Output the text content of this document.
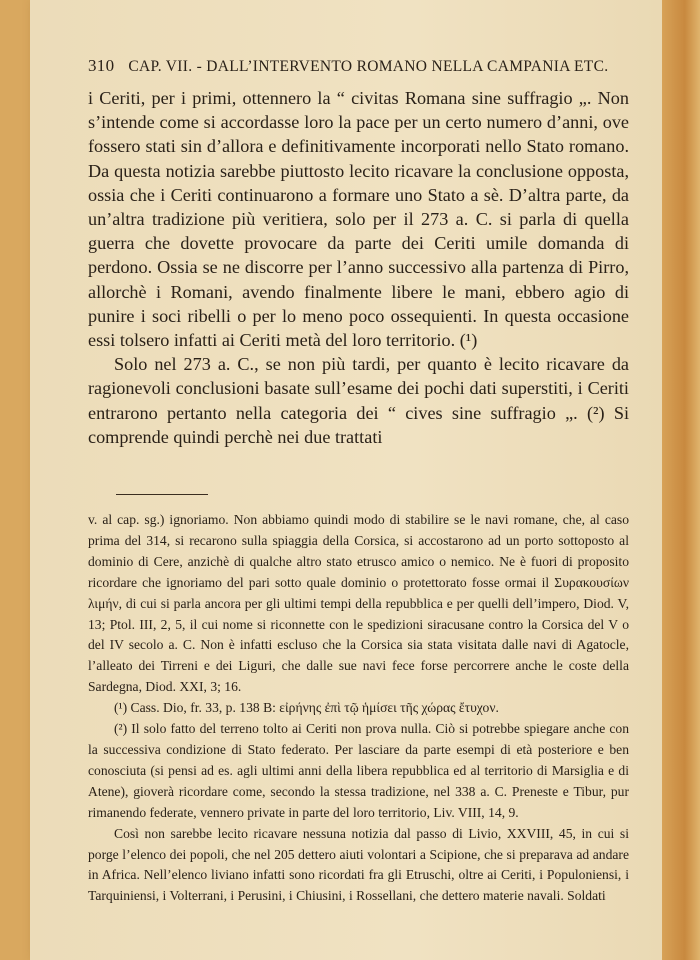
310 CAP. VII. - DALL’INTERVENTO ROMANO NELLA CAMPANIA ETC.

i Ceriti, per i primi, ottennero la “ civitas Romana sine suffragio „. Non s’intende come si accordasse loro la pace per un certo numero d’anni, ove fossero stati sin d’allora e definitivamente incorporati nello Stato romano. Da questa notizia sarebbe piuttosto lecito ricavare la conclusione opposta, ossia che i Ceriti continuarono a formare uno Stato a sè. D’altra parte, da un’altra tradizione più veritiera, solo per il 273 a. C. si parla di quella guerra che dovette provocare da parte dei Ceriti umile domanda di perdono. Ossia se ne discorre per l’anno successivo alla partenza di Pirro, allorchè i Romani, avendo finalmente libere le mani, ebbero agio di punire i soci ribelli o per lo meno poco ossequienti. In questa occasione essi tolsero infatti ai Ceriti metà del loro territorio. (¹)

Solo nel 273 a. C., se non più tardi, per quanto è lecito ricavare da ragionevoli conclusioni basate sull’esame dei pochi dati superstiti, i Ceriti entrarono pertanto nella categoria dei “ cives sine suffragio „. (²) Si comprende quindi perchè nei due trattati

v. al cap. sg.) ignoriamo. Non abbiamo quindi modo di stabilire se le navi romane, che, al caso prima del 314, si recarono sulla spiaggia della Corsica, si accostarono ad un porto sottoposto al dominio di Cere, anzichè di qualche altro stato etrusco amico o nemico. Ne è fuori di proposito ricordare che ignoriamo del pari sotto quale dominio o protettorato fosse ormai il Συρακουσίων λιμήν, di cui si parla ancora per gli ultimi tempi della repubblica e per quelli dell’impero, Diod. V, 13; Ptol. III, 2, 5, il cui nome si riconnette con le spedizioni siracusane contro la Corsica del V o del IV secolo a. C. Non è infatti escluso che la Corsica sia stata visitata dalle navi di Agatocle, l’alleato dei Tirreni e dei Liguri, che dalle sue navi fece forse percorrere anche le coste della Sardegna, Diod. XXI, 3; 16.

(¹) Cass. Dio, fr. 33, p. 138 B: εἰρήνης ἐπὶ τῷ ἡμίσει τῆς χώρας ἔτυχον.

(²) Il solo fatto del terreno tolto ai Ceriti non prova nulla. Ciò si potrebbe spiegare anche con la successiva condizione di Stato federato. Per lasciare da parte esempi di età posteriore e ben conosciuta (si pensi ad es. agli ultimi anni della libera repubblica ed al territorio di Marsiglia e di Atene), gioverà ricordare come, secondo la stessa tradizione, nel 338 a. C. Preneste e Tibur, pur rimanendo federate, vennero private in parte del loro territorio, Liv. VIII, 14, 9.

Così non sarebbe lecito ricavare nessuna notizia dal passo di Livio, XXVIII, 45, in cui si porge l’elenco dei popoli, che nel 205 dettero aiuti volontari a Scipione, che si preparava ad andare in Africa. Nell’elenco liviano infatti sono ricordati fra gli Etruschi, oltre ai Ceriti, i Populoniensi, i Tarquiniensi, i Volterrani, i Perusini, i Chiusini, i Rossellani, che dettero materie navali. Soldati
